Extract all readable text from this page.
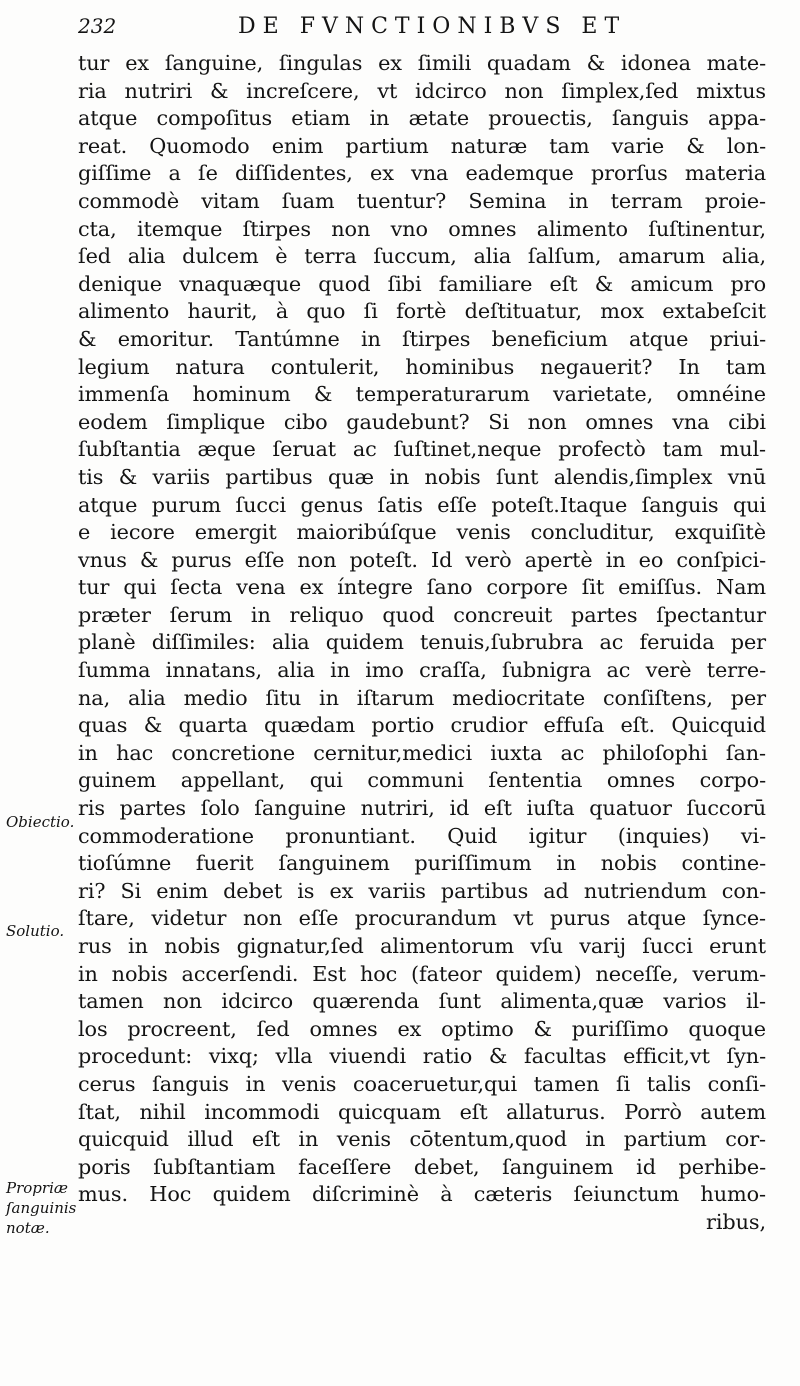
232	DE FVNCTIONIBVS ET
Obiectio.
Solutio.
Propriæ
ſanguinis
notæ.
tur ex ſanguine, ſingulas ex ſimili quadam & idonea mate-
ria nutriri & increſcere, vt idcirco non ſimplex,ſed mixtus
atque compoſitus etiam in ætate prouectis, ſanguis appa-
reat. Quomodo enim partium naturæ tam varie & lon-
giſſime a ſe diſſidentes, ex vna eademque prorſus materia
commodè vitam ſuam tuentur? Semina in terram proie-
cta, itemque ſtirpes non vno omnes alimento ſuſtinentur,
ſed alia dulcem è terra ſuccum, alia ſalſum, amarum alia,
denique vnaquæque quod ſibi familiare eſt & amicum pro
alimento haurit, à quo ſi fortè deſtituatur, mox extabeſcit
& emoritur. Tantúmne in ſtirpes beneficium atque priui-
legium natura contulerit, hominibus negauerit? In tam
immenſa hominum & temperaturarum varietate, omnéine
eodem ſimplique cibo gaudebunt? Si non omnes vna cibi
ſubſtantia æque ſeruat ac ſuſtinet,neque profectò tam mul-
tis & variis partibus quæ in nobis ſunt alendis,ſimplex vnū
atque purum ſucci genus ſatis eſſe poteſt.Itaque ſanguis qui
e iecore emergit maioribúſque venis concluditur, exquiſitè
vnus & purus eſſe non poteſt. Id verò apertè in eo conſpici-
tur qui ſecta vena ex íntegre ſano corpore ſit emiſſus. Nam
præter ſerum in reliquo quod concreuit partes ſpectantur
planè diſſimiles: alia quidem tenuis,ſubrubra ac feruida per
ſumma innatans, alia in imo craſſa, ſubnigra ac verè terre-
na, alia medio ſitu in iſtarum mediocritate conſiſtens, per
quas & quarta quædam portio crudior effuſa eſt. Quicquid
in hac concretione cernitur,medici iuxta ac philoſophi ſan-
guinem appellant, qui communi ſententia omnes corpo-
ris partes ſolo ſanguine nutriri, id eſt iuſta quatuor ſuccorū
commoderatione pronuntiant. Quid igitur (inquies) vi-
tioſúmne fuerit ſanguinem puriſſimum in nobis contine-
ri? Si enim debet is ex variis partibus ad nutriendum con-
ſtare, videtur non eſſe procurandum vt purus atque ſynce-
rus in nobis gignatur,ſed alimentorum vſu varij ſucci erunt
in nobis accerſendi. Est hoc (fateor quidem) neceſſe, verum-
tamen non idcirco quærenda ſunt alimenta,quæ varios il-
los procreent, ſed omnes ex optimo & puriſſimo quoque
procedunt: vixq; vlla viuendi ratio & facultas efficit,vt ſyn-
cerus ſanguis in venis coaceruetur,qui tamen ſi talis conſi-
ſtat, nihil incommodi quicquam eſt allaturus. Porrò autem
quicquid illud eſt in venis cōtentum,quod in partium cor-
poris ſubſtantiam faceſſere debet, ſanguinem id perhibe-
mus. Hoc quidem diſcriminè à cæteris ſeiunctum humo-
ribus,
